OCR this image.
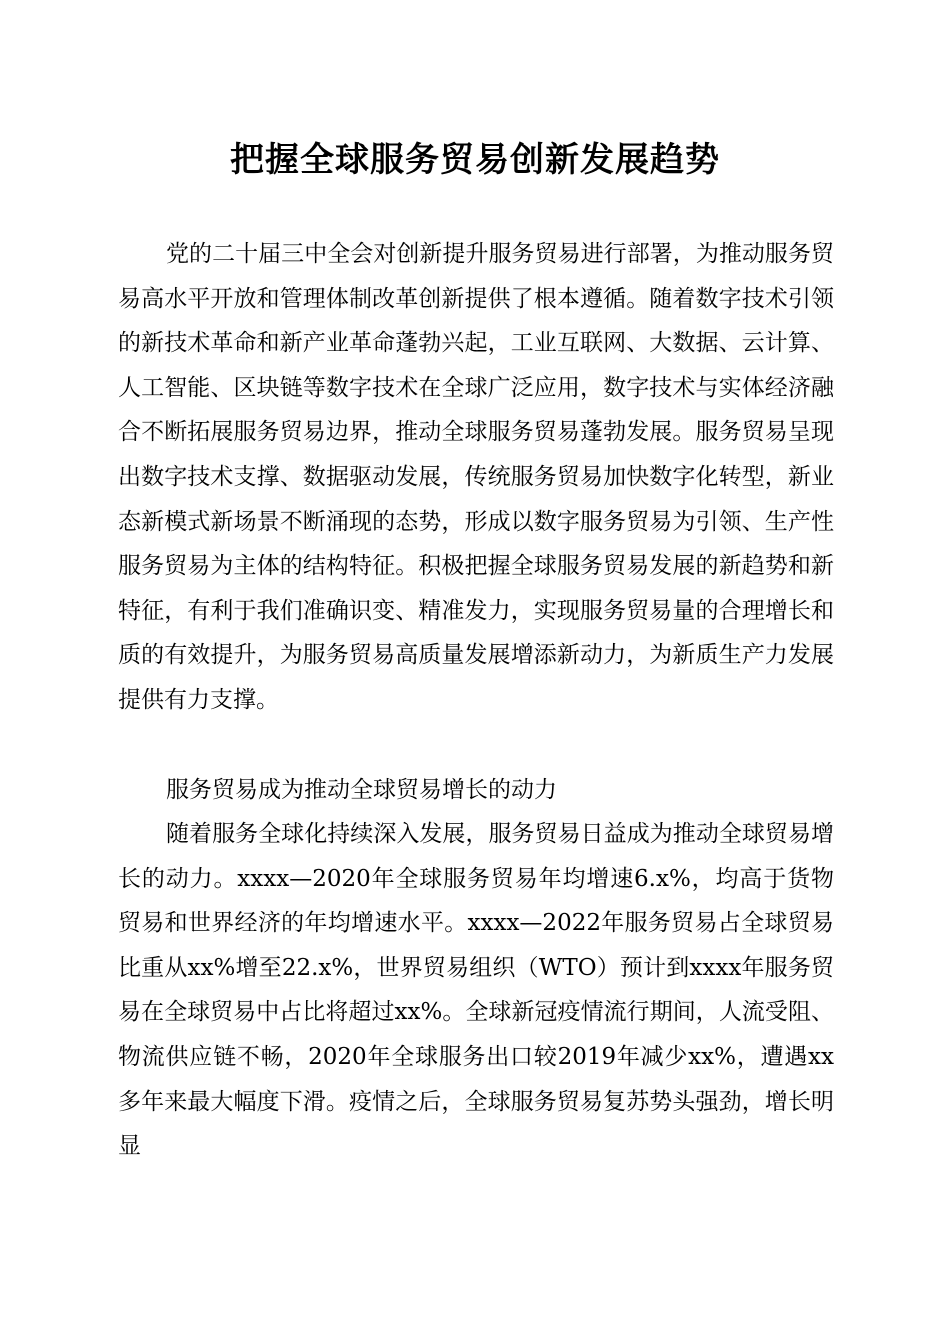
把握全球服务贸易创新发展趋势

党的二十届三中全会对创新提升服务贸易进行部署，为推动服务贸易高水平开放和管理体制改革创新提供了根本遵循。随着数字技术引领的新技术革命和新产业革命蓬勃兴起，工业互联网、大数据、云计算、人工智能、区块链等数字技术在全球广泛应用，数字技术与实体经济融合不断拓展服务贸易边界，推动全球服务贸易蓬勃发展。服务贸易呈现出数字技术支撑、数据驱动发展，传统服务贸易加快数字化转型，新业态新模式新场景不断涌现的态势，形成以数字服务贸易为引领、生产性服务贸易为主体的结构特征。积极把握全球服务贸易发展的新趋势和新特征，有利于我们准确识变、精准发力，实现服务贸易量的合理增长和质的有效提升，为服务贸易高质量发展增添新动力，为新质生产力发展提供有力支撑。

服务贸易成为推动全球贸易增长的动力

随着服务全球化持续深入发展，服务贸易日益成为推动全球贸易增长的动力。xxxx—2020年全球服务贸易年均增速6.x%，均高于货物贸易和世界经济的年均增速水平。xxxx—2022年服务贸易占全球贸易比重从xx%增至22.x%，世界贸易组织（WTO）预计到xxxx年服务贸易在全球贸易中占比将超过xx%。全球新冠疫情流行期间，人流受阻、物流供应链不畅，2020年全球服务出口较2019年减少xx%，遭遇xx多年来最大幅度下滑。疫情之后，全球服务贸易复苏势头强劲，增长明显
